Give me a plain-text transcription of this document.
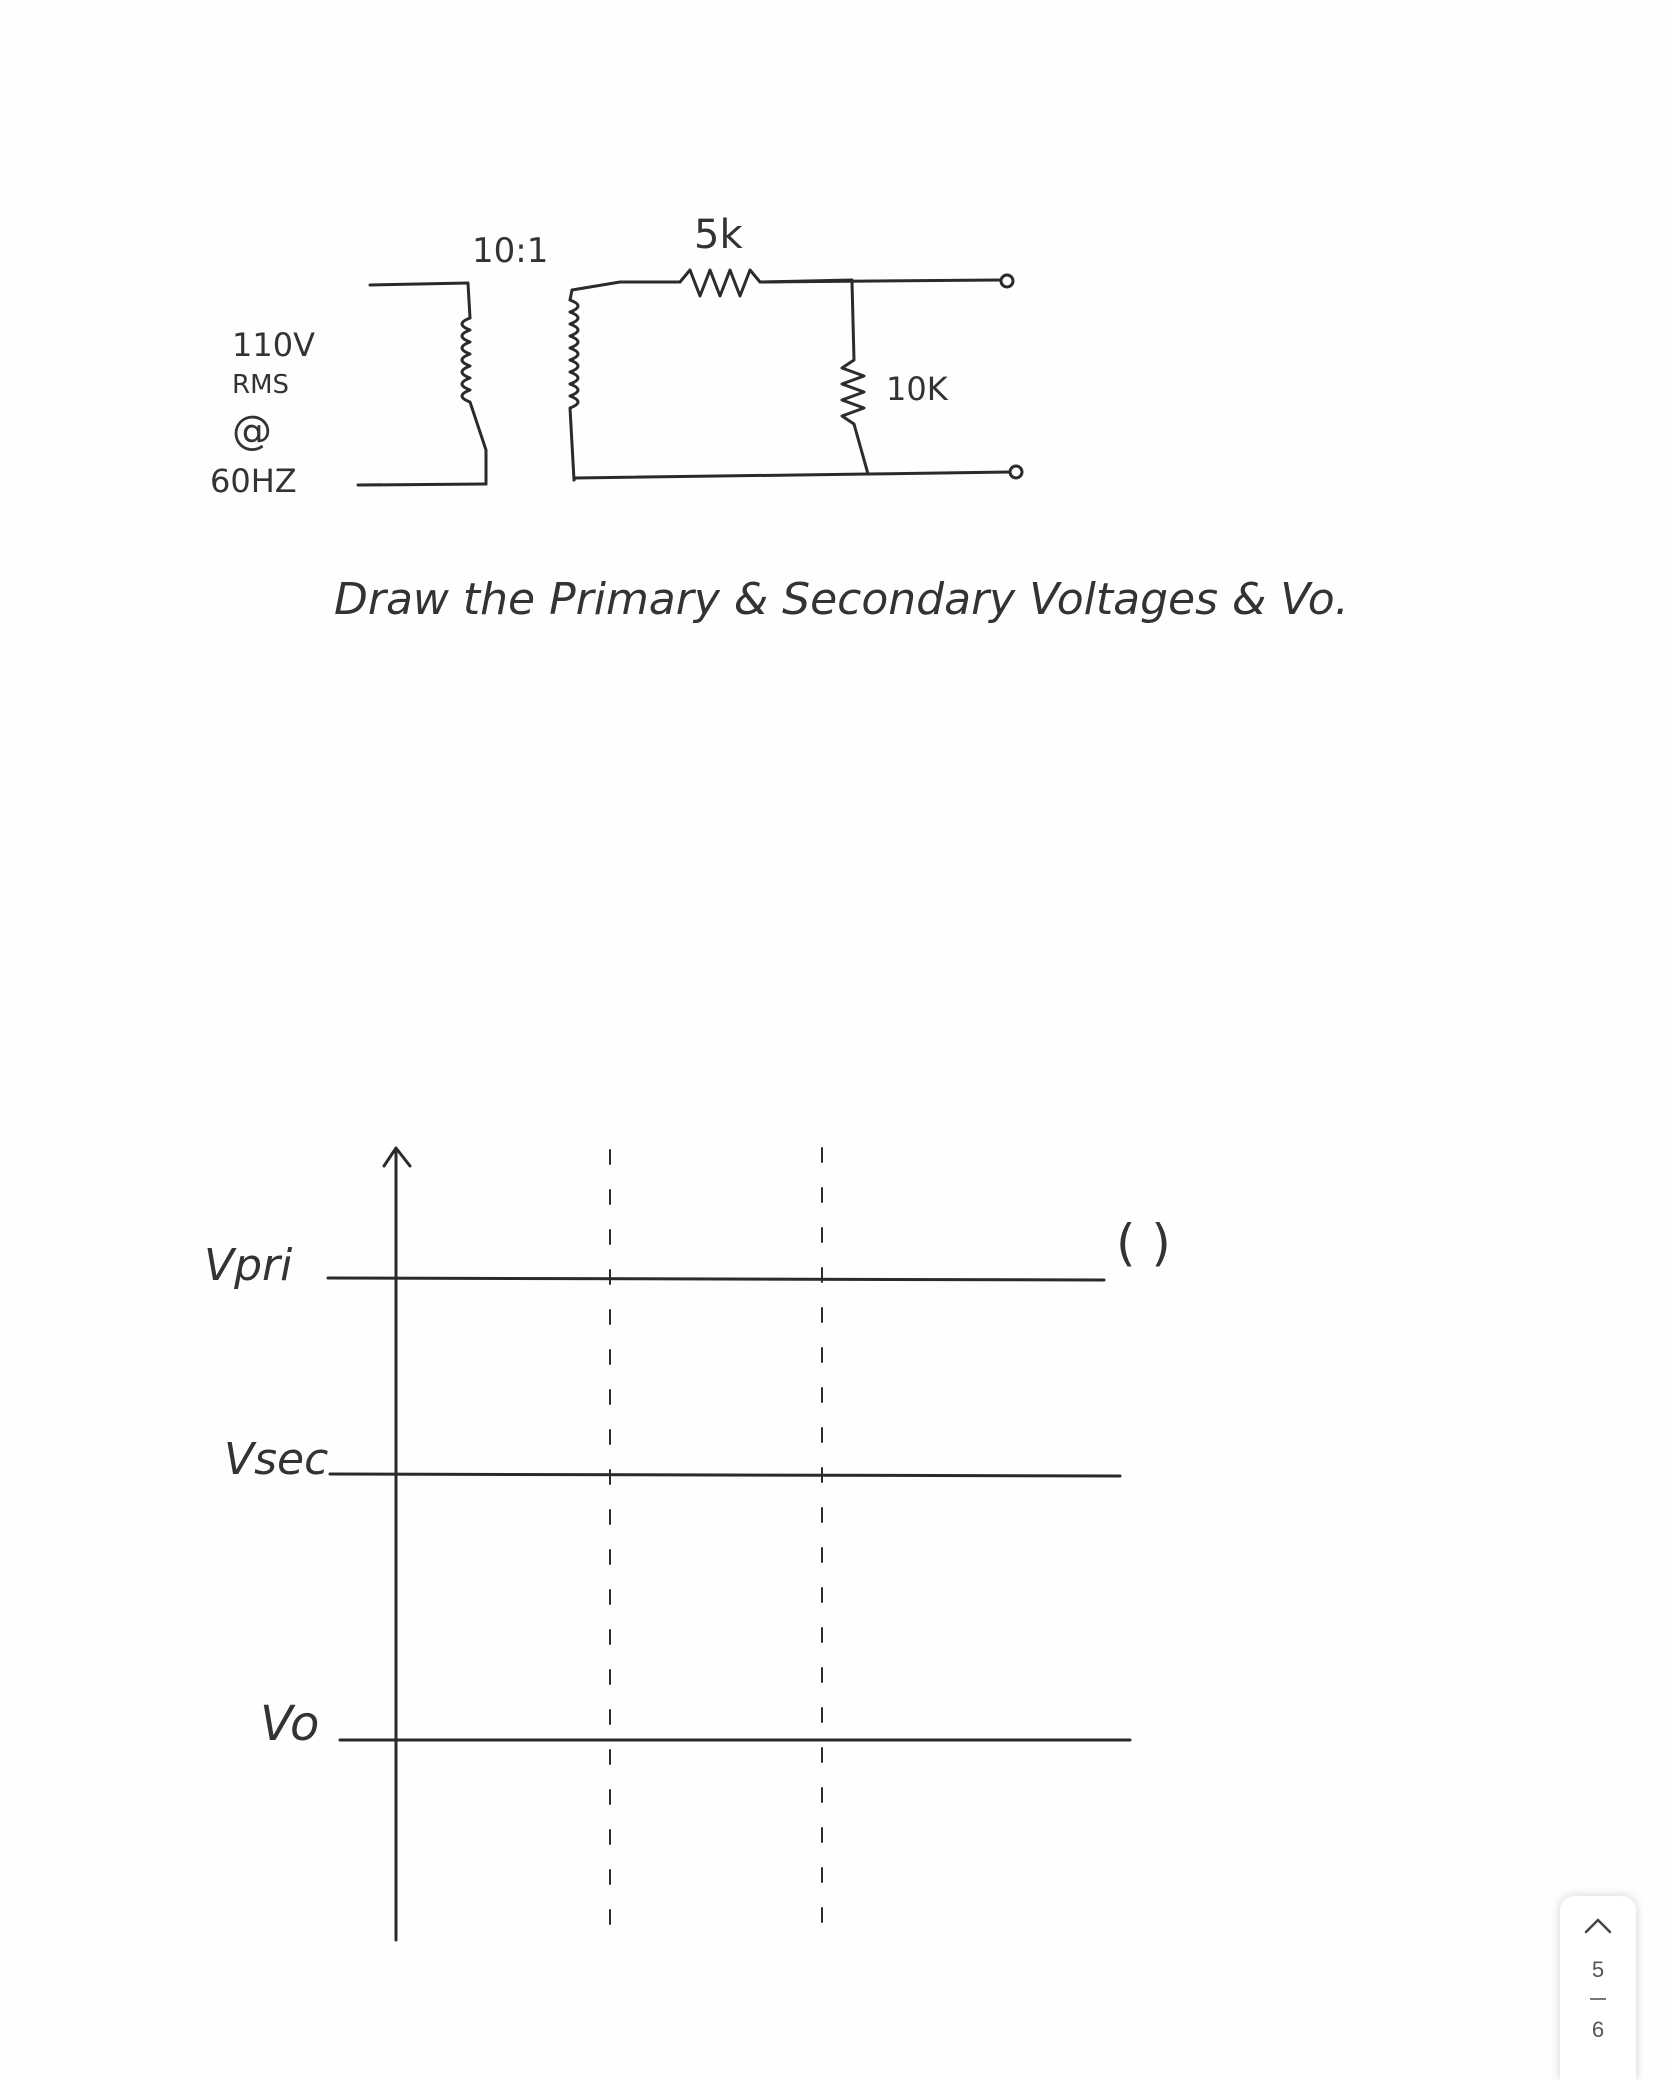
10:1	5k
10K
110V
RMS
@
60HZ
Draw the Primary & Secondary Voltages & Vo.
Vpri
Vsec
Vo
( )
5
6
